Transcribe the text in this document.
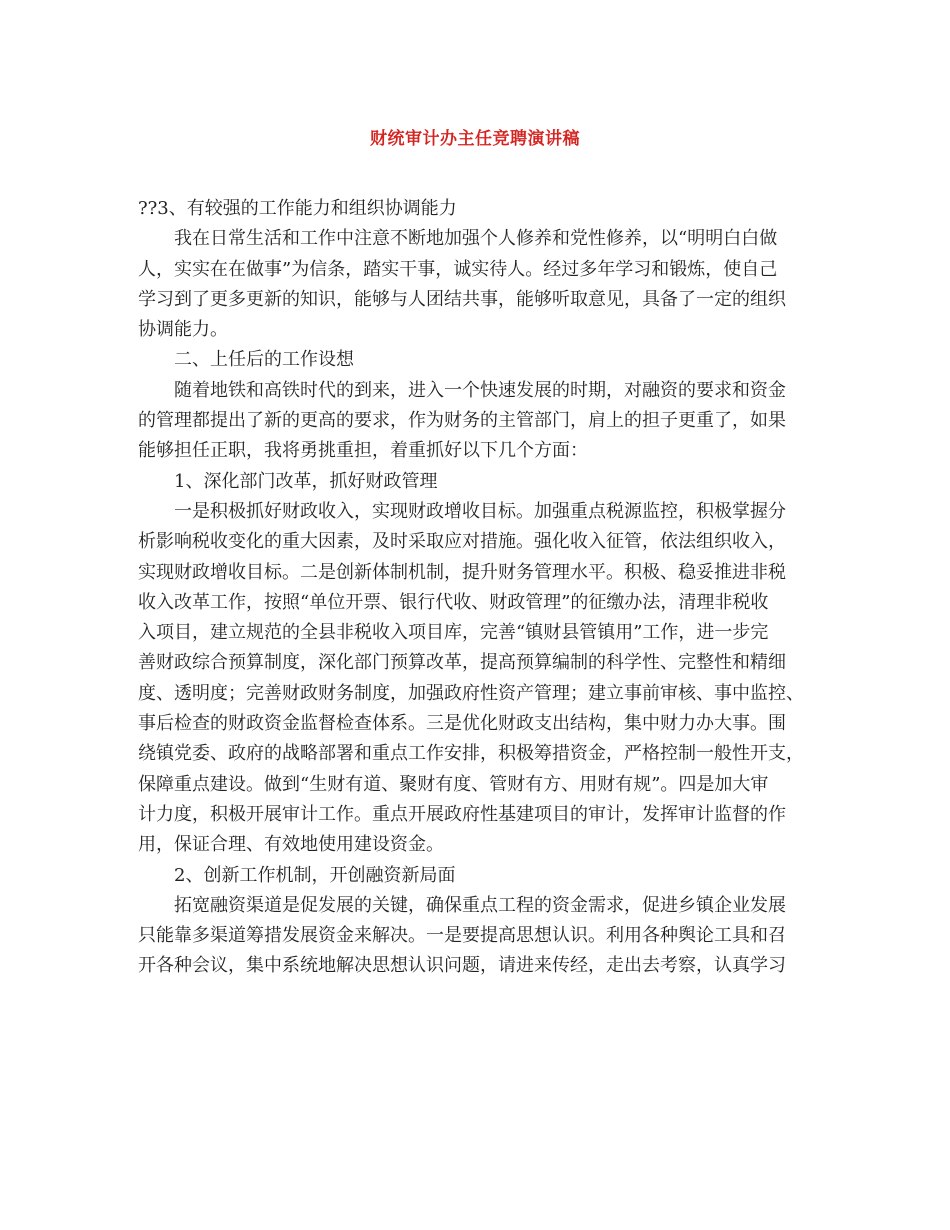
财统审计办主任竞聘演讲稿
??3、有较强的工作能力和组织协调能力
我在日常生活和工作中注意不断地加强个人修养和党性修养，以“明明白白做
人，实实在在做事”为信条，踏实干事，诚实待人。经过多年学习和锻炼，使自己
学习到了更多更新的知识，能够与人团结共事，能够听取意见，具备了一定的组织
协调能力。
二、上任后的工作设想
随着地铁和高铁时代的到来，进入一个快速发展的时期，对融资的要求和资金
的管理都提出了新的更高的要求，作为财务的主管部门，肩上的担子更重了，如果
能够担任正职，我将勇挑重担，着重抓好以下几个方面：
1、深化部门改革，抓好财政管理
一是积极抓好财政收入，实现财政增收目标。加强重点税源监控，积极掌握分
析影响税收变化的重大因素，及时采取应对措施。强化收入征管，依法组织收入，
实现财政增收目标。二是创新体制机制，提升财务管理水平。积极、稳妥推进非税
收入改革工作，按照“单位开票、银行代收、财政管理”的征缴办法，清理非税收
入项目，建立规范的全县非税收入项目库，完善“镇财县管镇用”工作，进一步完
善财政综合预算制度，深化部门预算改革，提高预算编制的科学性、完整性和精细
度、透明度；完善财政财务制度，加强政府性资产管理；建立事前审核、事中监控、
事后检查的财政资金监督检查体系。三是优化财政支出结构，集中财力办大事。围
绕镇党委、政府的战略部署和重点工作安排，积极筹措资金，严格控制一般性开支，
保障重点建设。做到“生财有道、聚财有度、管财有方、用财有规”。四是加大审
计力度，积极开展审计工作。重点开展政府性基建项目的审计，发挥审计监督的作
用，保证合理、有效地使用建设资金。
2、创新工作机制，开创融资新局面
拓宽融资渠道是促发展的关键，确保重点工程的资金需求，促进乡镇企业发展
只能靠多渠道筹措发展资金来解决。一是要提高思想认识。利用各种舆论工具和召
开各种会议，集中系统地解决思想认识问题，请进来传经，走出去考察，认真学习
